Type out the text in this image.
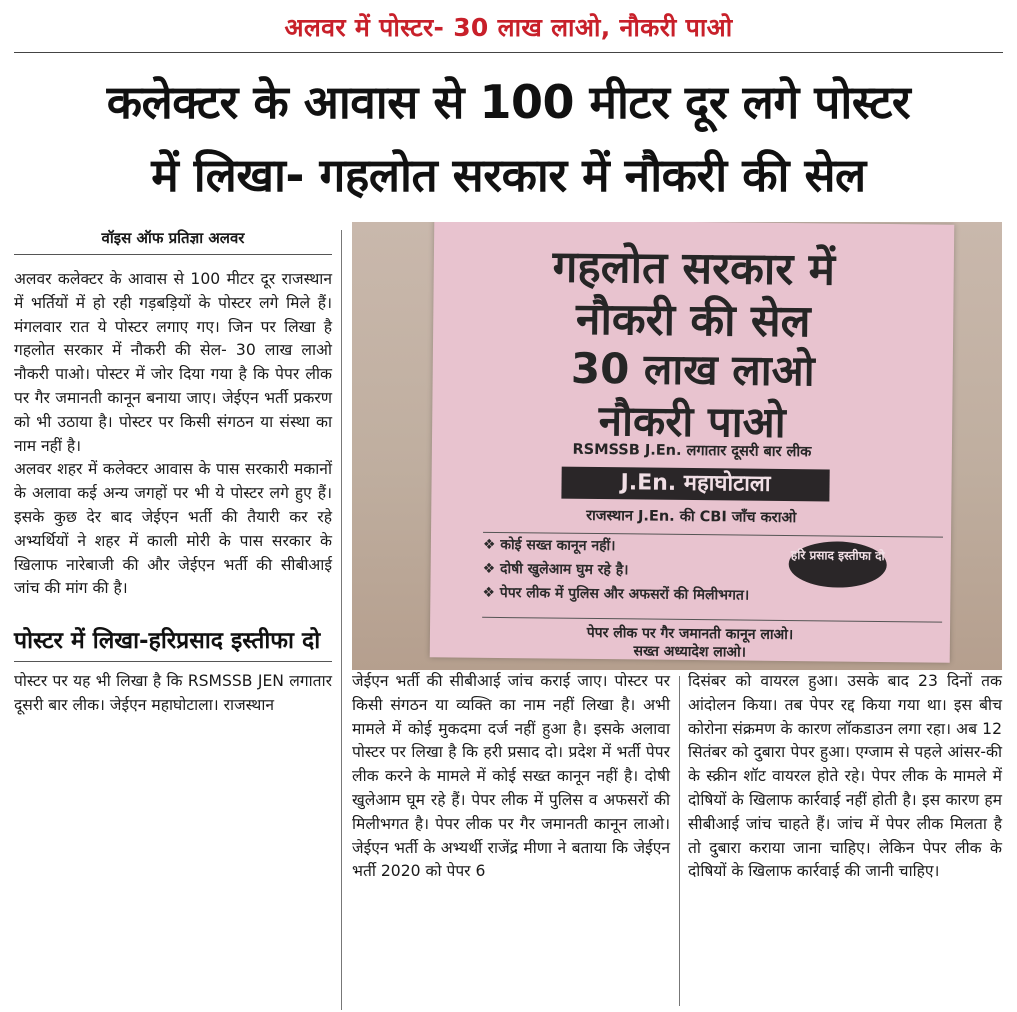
अलवर में पोस्टर- 30 लाख लाओ, नौकरी पाओ
कलेक्टर के आवास से 100 मीटर दूर लगे पोस्टर
में लिखा- गहलोत सरकार में नौकरी की सेल
वॉइस ऑफ प्रतिज्ञा अलवर

अलवर कलेक्टर के आवास से 100 मीटर दूर राजस्थान में भर्तियों में हो रही गड़बड़ियों के पोस्टर लगे मिले हैं। मंगलवार रात ये पोस्टर लगाए गए। जिन पर लिखा है गहलोत सरकार में नौकरी की सेल- 30 लाख लाओ नौकरी पाओ। पोस्टर में जोर दिया गया है कि पेपर लीक पर गैर जमानती कानून बनाया जाए। जेईएन भर्ती प्रकरण को भी उठाया है। पोस्टर पर किसी संगठन या संस्था का नाम नहीं है।

अलवर शहर में कलेक्टर आवास के पास सरकारी मकानों के अलावा कई अन्य जगहों पर भी ये पोस्टर लगे हुए हैं। इसके कुछ देर बाद जेईएन भर्ती की तैयारी कर रहे अभ्यर्थियों ने शहर में काली मोरी के पास सरकार के खिलाफ नारेबाजी की और जेईएन भर्ती की सीबीआई जांच की मांग की है।

पोस्टर में लिखा-हरिप्रसाद इस्तीफा दो

पोस्टर पर यह भी लिखा है कि RSMSSB JEN लगातार दूसरी बार लीक। जेईएन महाघोटाला। राजस्थान

गहलोत सरकार में
नौकरी की सेल
30 लाख लाओ
नौकरी पाओ
RSMSSB J.En. लगातार दूसरी बार लीक
J.En. महाघोटाला
राजस्थान J.En. की CBI जाँच कराओ
❖ कोई सख्त कानून नहीं।
❖ दोषी खुलेआम घुम रहे है।
❖ पेपर लीक में पुलिस और अफसरों की मिलीभगत।
हरि प्रसाद इस्तीफा दो
पेपर लीक पर गैर जमानती कानून लाओ।
सख्त अध्यादेश लाओ।

जेईएन भर्ती की सीबीआई जांच कराई जाए। पोस्टर पर किसी संगठन या व्यक्ति का नाम नहीं लिखा है। अभी मामले में कोई मुकदमा दर्ज नहीं हुआ है। इसके अलावा पोस्टर पर लिखा है कि हरी प्रसाद दो। प्रदेश में भर्ती पेपर लीक करने के मामले में कोई सख्त कानून नहीं है। दोषी खुलेआम घूम रहे हैं। पेपर लीक में पुलिस व अफसरों की मिलीभगत है। पेपर लीक पर गैर जमानती कानून लाओ। जेईएन भर्ती के अभ्यर्थी राजेंद्र मीणा ने बताया कि जेईएन भर्ती 2020 को पेपर 6

दिसंबर को वायरल हुआ। उसके बाद 23 दिनों तक आंदोलन किया। तब पेपर रद्द किया गया था। इस बीच कोरोना संक्रमण के कारण लॉकडाउन लगा रहा। अब 12 सितंबर को दुबारा पेपर हुआ। एग्जाम से पहले आंसर-की के स्क्रीन शॉट वायरल होते रहे। पेपर लीक के मामले में दोषियों के खिलाफ कार्रवाई नहीं होती है। इस कारण हम सीबीआई जांच चाहते हैं। जांच में पेपर लीक मिलता है तो दुबारा कराया जाना चाहिए। लेकिन पेपर लीक के दोषियों के खिलाफ कार्रवाई की जानी चाहिए।
